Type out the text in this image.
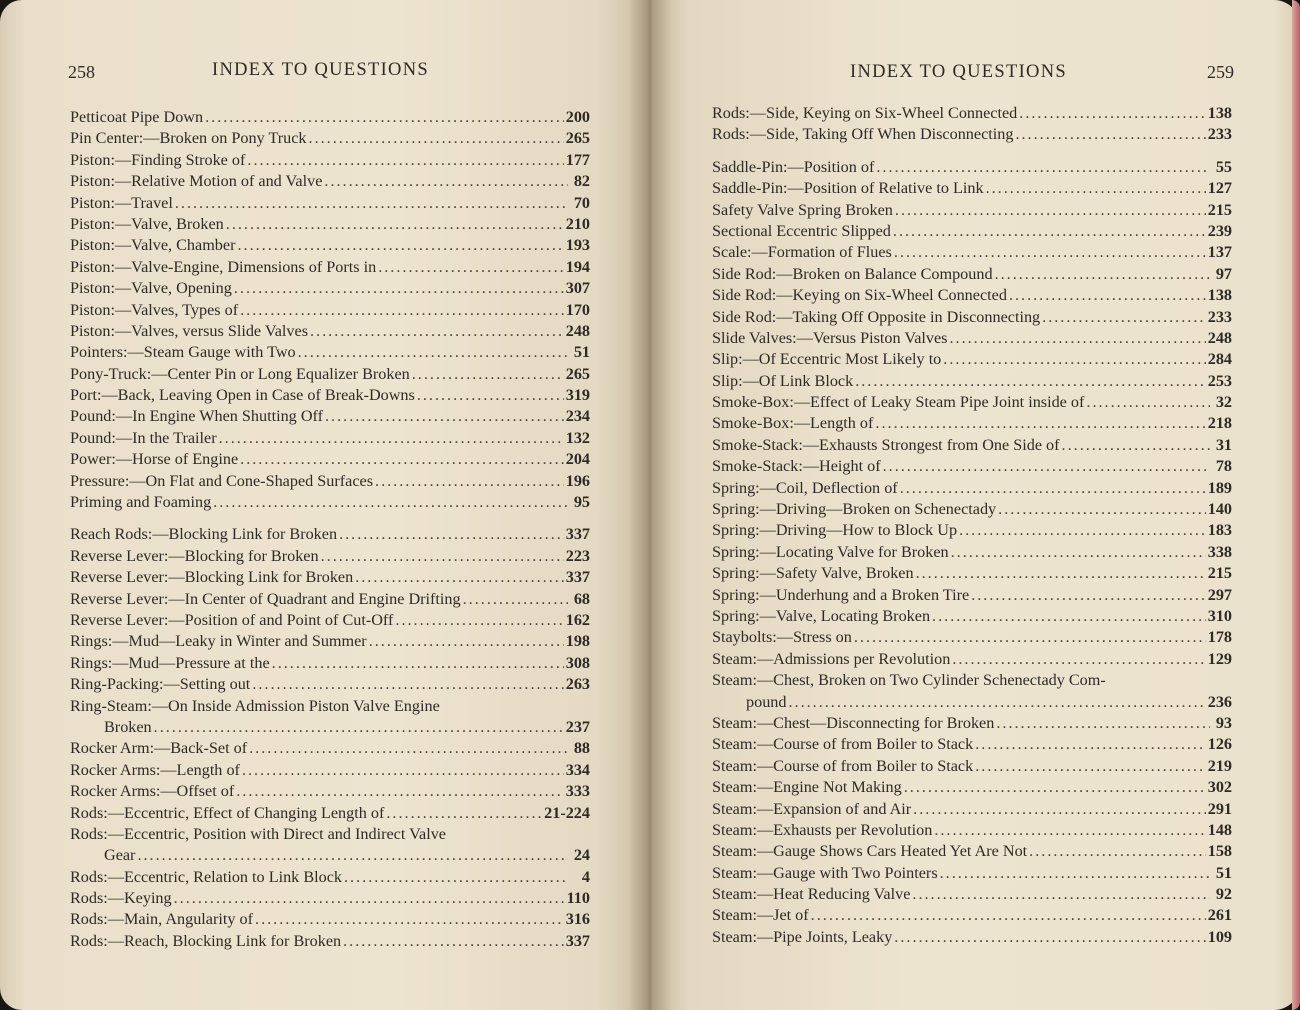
258	INDEX TO QUESTIONS
Petticoat Pipe Down .....	200
Pin Center:—Broken on Pony Truck .....	265
Piston:—Finding Stroke of .....	177
Piston:—Relative Motion of and Valve .....	82
Piston:—Travel .....	70
Piston:—Valve, Broken .....	210
Piston:—Valve, Chamber .....	193
Piston:—Valve-Engine, Dimensions of Ports in .....	194
Piston:—Valve, Opening .....	307
Piston:—Valves, Types of .....	170
Piston:—Valves, versus Slide Valves .....	248
Pointers:—Steam Gauge with Two .....	51
Pony-Truck:—Center Pin or Long Equalizer Broken .....	265
Port:—Back, Leaving Open in Case of Break-Downs .....	319
Pound:—In Engine When Shutting Off .....	234
Pound:—In the Trailer .....	132
Power:—Horse of Engine .....	204
Pressure:—On Flat and Cone-Shaped Surfaces .....	196
Priming and Foaming .....	95
Reach Rods:—Blocking Link for Broken .....	337
Reverse Lever:—Blocking for Broken .....	223
Reverse Lever:—Blocking Link for Broken .....	337
Reverse Lever:—In Center of Quadrant and Engine Drifting .....	68
Reverse Lever:—Position of and Point of Cut-Off .....	162
Rings:—Mud—Leaky in Winter and Summer .....	198
Rings:—Mud—Pressure at the .....	308
Ring-Packing:—Setting out .....	263
Ring-Steam:—On Inside Admission Piston Valve Engine
Broken .....	237
Rocker Arm:—Back-Set of .....	88
Rocker Arms:—Length of .....	334
Rocker Arms:—Offset of .....	333
Rods:—Eccentric, Effect of Changing Length of .....	21-224
Rods:—Eccentric, Position with Direct and Indirect Valve
Gear .....	24
Rods:—Eccentric, Relation to Link Block .....	4
Rods:—Keying .....	110
Rods:—Main, Angularity of .....	316
Rods:—Reach, Blocking Link for Broken .....	337
INDEX TO QUESTIONS	259
Rods:—Side, Keying on Six-Wheel Connected .....	138
Rods:—Side, Taking Off When Disconnecting .....	233
Saddle-Pin:—Position of .....	55
Saddle-Pin:—Position of Relative to Link .....	127
Safety Valve Spring Broken .....	215
Sectional Eccentric Slipped .....	239
Scale:—Formation of Flues .....	137
Side Rod:—Broken on Balance Compound .....	97
Side Rod:—Keying on Six-Wheel Connected .....	138
Side Rod:—Taking Off Opposite in Disconnecting .....	233
Slide Valves:—Versus Piston Valves .....	248
Slip:—Of Eccentric Most Likely to .....	284
Slip:—Of Link Block .....	253
Smoke-Box:—Effect of Leaky Steam Pipe Joint inside of .....	32
Smoke-Box:—Length of .....	218
Smoke-Stack:—Exhausts Strongest from One Side of .....	31
Smoke-Stack:—Height of .....	78
Spring:—Coil, Deflection of .....	189
Spring:—Driving—Broken on Schenectady .....	140
Spring:—Driving—How to Block Up .....	183
Spring:—Locating Valve for Broken .....	338
Spring:—Safety Valve, Broken .....	215
Spring:—Underhung and a Broken Tire .....	297
Spring:—Valve, Locating Broken .....	310
Staybolts:—Stress on .....	178
Steam:—Admissions per Revolution .....	129
Steam:—Chest, Broken on Two Cylinder Schenectady Com-
pound .....	236
Steam:—Chest—Disconnecting for Broken .....	93
Steam:—Course of from Boiler to Stack .....	126
Steam:—Course of from Boiler to Stack .....	219
Steam:—Engine Not Making .....	302
Steam:—Expansion of and Air .....	291
Steam:—Exhausts per Revolution .....	148
Steam:—Gauge Shows Cars Heated Yet Are Not .....	158
Steam:—Gauge with Two Pointers .....	51
Steam:—Heat Reducing Valve .....	92
Steam:—Jet of .....	261
Steam:—Pipe Joints, Leaky .....	109
